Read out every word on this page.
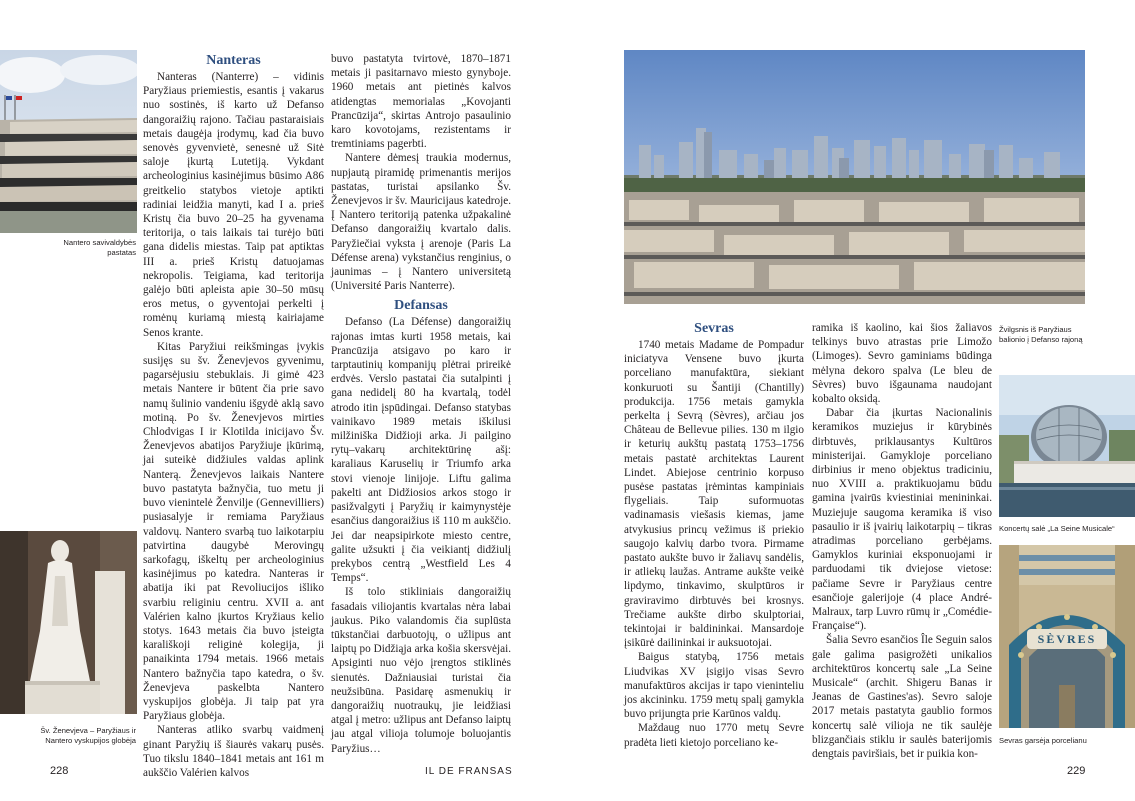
Nantero savivaldybės pastatas
Šv. Ženevjeva – Paryžiaus ir Nantero vyskupijos globėja
Nanteras

Nanteras (Nanterre) – vidinis Paryžiaus priemiestis, esantis į vakarus nuo sostinės, iš karto už Defanso dangoraižių rajono. Tačiau pastaraisiais metais daugėja įrodymų, kad čia buvo senovės gyvenvietė, senesnė už Sitė saloje įkurtą Lutetiją. Vykdant archeologinius kasinėjimus būsimo A86 greitkelio statybos vietoje aptikti radiniai leidžia manyti, kad I a. prieš Kristų čia buvo 20–25 ha gyvenama teritorija, o tais laikais tai turėjo būti gana didelis miestas. Taip pat aptiktas III a. prieš Kristų datuojamas nekropolis. Teigiama, kad teritorija galėjo būti apleista apie 30–50 mūsų eros metus, o gyventojai perkelti į romėnų kuriamą miestą kairiajame Senos krante.

Kitas Paryžiui reikšmingas įvykis susijęs su šv. Ženevjevos gyvenimu, pagarsėjusiu stebuklais. Ji gimė 423 metais Nantere ir būtent čia prie savo namų šulinio vandeniu išgydė aklą savo motiną. Po šv. Ženevjevos mirties Chlodvigas I ir Klotilda inicijavo Šv. Ženevjevos abatijos Paryžiuje įkūrimą, jai suteikė didžiules valdas aplink Nanterą. Ženevjevos laikais Nantere buvo pastatyta bažnyčia, tuo metu ji buvo vienintelė Ženvilje (Gennevilliers) pusiasalyje ir remiama Paryžiaus valdovų. Nantero svarbą tuo laikotarpiu patvirtina daugybė Merovingų sarkofagų, iškeltų per archeologinius kasinėjimus po katedra. Nanteras ir abatija iki pat Revoliucijos išliko svarbiu religiniu centru. XVII a. ant Valérien kalno įkurtos Kryžiaus kelio stotys. 1643 metais čia buvo įsteigta karališkoji religinė kolegija, ji panaikinta 1794 metais. 1966 metais Nantero bažnyčia tapo katedra, o šv. Ženevjeva paskelbta Nantero vyskupijos globėja. Ji taip pat yra Paryžiaus globėja.

Nanteras atliko svarbų vaidmenį ginant Paryžių iš šiaurės vakarų pusės. Tuo tikslu 1840–1841 metais ant 161 m aukščio Valérien kalvos

buvo pastatyta tvirtovė, 1870–1871 metais ji pasitarnavo miesto gynyboje. 1960 metais ant pietinės kalvos atidengtas memorialas „Kovojanti Prancūzija“, skirtas Antrojo pasaulinio karo kovotojams, rezistentams ir tremtiniams pagerbti.

Nantere dėmesį traukia modernus, nupjautą piramidę primenantis merijos pastatas, turistai apsilanko Šv. Ženevjevos ir šv. Mauricijaus katedroje. Į Nantero teritoriją patenka užpakalinė Defanso dangoraižių kvartalo dalis. Paryžiečiai vyksta į arenoje (Paris La Défense arena) vykstančius renginius, o jaunimas – į Nantero universitetą (Université Paris Nanterre).

Defansas

Defanso (La Défense) dangoraižių rajonas imtas kurti 1958 metais, kai Prancūzija atsigavo po karo ir tarptautinių kompanijų plėtrai prireikė erdvės. Verslo pastatai čia sutalpinti į gana nedidelį 80 ha kvartalą, todėl atrodo itin įspūdingai. Defanso statybas vainikavo 1989 metais iškilusi milžiniška Didžioji arka. Ji pailgino rytų–vakarų architektūrinę ašį: karaliaus Karuselių ir Triumfo arka stovi vienoje linijoje. Liftu galima pakelti ant Didžiosios arkos stogo ir pasižvalgyti į Paryžių ir kaimynystėje esančius dangoraižius iš 110 m aukščio. Jei dar neapsipirkote miesto centre, galite užsukti į čia veikiantį didžiulį prekybos centrą „Westfield Les 4 Temps“.

Iš tolo stikliniais dangoraižių fasadais viliojantis kvartalas nėra labai jaukus. Piko valandomis čia suplūsta tūkstančiai darbuotojų, o užlipus ant laiptų po Didžiąja arka košia skersvėjai. Apsiginti nuo vėjo įrengtos stiklinės sienutės. Dažniausiai turistai čia neužsibūna. Pasidarę asmenukių ir dangoraižių nuotraukų, jie leidžiasi atgal į metro: užlipus ant Defanso laiptų jau atgal vilioja tolumoje boluojantis Paryžius…

228	IL DE FRANSAS
Žvilgsnis iš Paryžiaus balionio į Defanso rajoną
Koncertų salė „La Seine Musicale“
SÈVRES
Sevras garsėja porcelianu
Sevras

1740 metais Madame de Pompadur iniciatyva Vensene buvo įkurta porceliano manufaktūra, siekiant konkuruoti su Šantiji (Chantilly) produkcija. 1756 metais gamykla perkelta į Sevrą (Sèvres), arčiau jos Château de Bellevue pilies. 130 m ilgio ir keturių aukštų pastatą 1753–1756 metais pastatė architektas Laurent Lindet. Abiejose centrinio korpuso pusėse pastatas įrėmintas kampiniais flygeliais. Taip suformuotas vadinamasis viešasis kiemas, jame atvykusius princų vežimus iš priekio saugojo kalvių darbo tvora. Pirmame pastato aukšte buvo ir žaliavų sandėlis, ir atliekų laužas. Antrame aukšte veikė lipdymo, tinkavimo, skulptūros ir graviravimo dirbtuvės bei krosnys. Trečiame aukšte dirbo skulptoriai, tekintojai ir baldininkai. Mansardoje įsikūrė dailininkai ir auksuotojai.

Baigus statybą, 1756 metais Liudvikas XV įsigijo visas Sevro manufaktūros akcijas ir tapo vieninteliu jos akcininku. 1759 metų spalį gamykla buvo prijungta prie Karūnos valdų.

Maždaug nuo 1770 metų Sevre pradėta lieti kietojo porceliano ke-

ramika iš kaolino, kai šios žaliavos telkinys buvo atrastas prie Limožo (Limoges). Sevro gaminiams būdinga mėlyna dekoro spalva (Le bleu de Sèvres) buvo išgaunama naudojant kobalto oksidą.

Dabar čia įkurtas Nacionalinis keramikos muziejus ir kūrybinės dirbtuvės, priklausantys Kultūros ministerijai. Gamykloje porceliano dirbinius ir meno objektus tradiciniu, nuo XVIII a. praktikuojamu būdu gamina įvairūs kviestiniai menininkai. Muziejuje saugoma keramika iš viso pasaulio ir iš įvairių laikotarpių – tikras atradimas porceliano gerbėjams. Gamyklos kuriniai eksponuojami ir parduodami tik dviejose vietose: pačiame Sevre ir Paryžiaus centre esančioje galerijoje (4 place André-Malraux, tarp Luvro rūmų ir „Comédie-Française“).

Šalia Sevro esančios Île Seguin salos gale galima pasigrožėti unikalios architektūros koncertų sale „La Seine Musicale“ (archit. Shigeru Banas ir Jeanas de Gastines'as). Sevro saloje 2017 metais pastatyta gaublio formos koncertų salė vilioja ne tik saulėje blizgančiais stiklu ir saulės baterijomis dengtais paviršiais, bet ir puikia kon-

229
